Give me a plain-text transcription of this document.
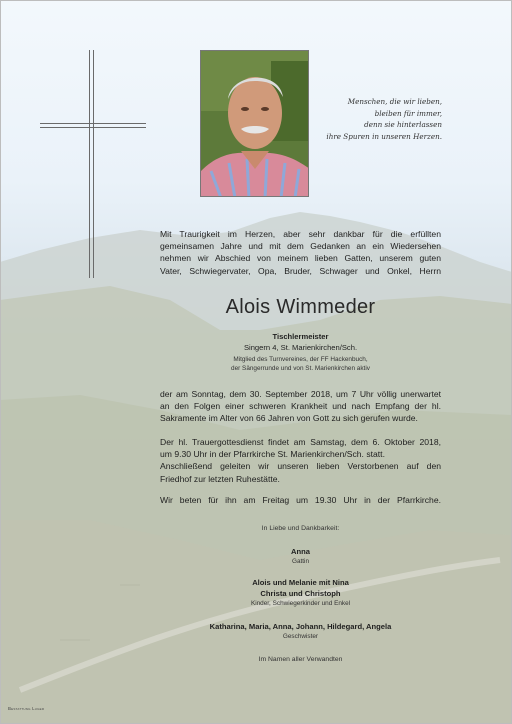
Menschen, die wir lieben,
bleiben für immer,
denn sie hinterlassen
ihre Spuren in unseren Herzen.
Mit Traurigkeit im Herzen, aber sehr dankbar für die erfüllten
gemeinsamen Jahre und mit dem Gedanken an ein Wiedersehen
nehmen wir Abschied von meinem lieben Gatten, unserem guten
Vater, Schwiegervater, Opa, Bruder, Schwager und Onkel, Herrn
Alois Wimmeder
Tischlermeister
Singern 4, St. Marienkirchen/Sch.
Mitglied des Turnvereines, der FF Hackenbuch,
der Sängerrunde und von St. Marienkirchen aktiv
der am Sonntag, dem 30. September 2018, um 7 Uhr völlig unerwartet
an den Folgen einer schweren Krankheit und nach Empfang der hl.
Sakramente im Alter von 66 Jahren von Gott zu sich gerufen wurde.
Der hl. Trauergottesdienst findet am Samstag, dem 6. Oktober 2018,
um 9.30 Uhr in der Pfarrkirche St. Marienkirchen/Sch. statt.
Anschließend geleiten wir unseren lieben Verstorbenen auf den
Friedhof zur letzten Ruhestätte.
Wir beten für ihn am Freitag um 19.30 Uhr in der Pfarrkirche.
In Liebe und Dankbarkeit:
Anna
Gattin
Alois und Melanie mit Nina
Christa und Christoph
Kinder, Schwiegerkinder und Enkel
Katharina, Maria, Anna, Johann, Hildegard, Angela
Geschwister
Im Namen aller Verwandten
Bestattung Luger
